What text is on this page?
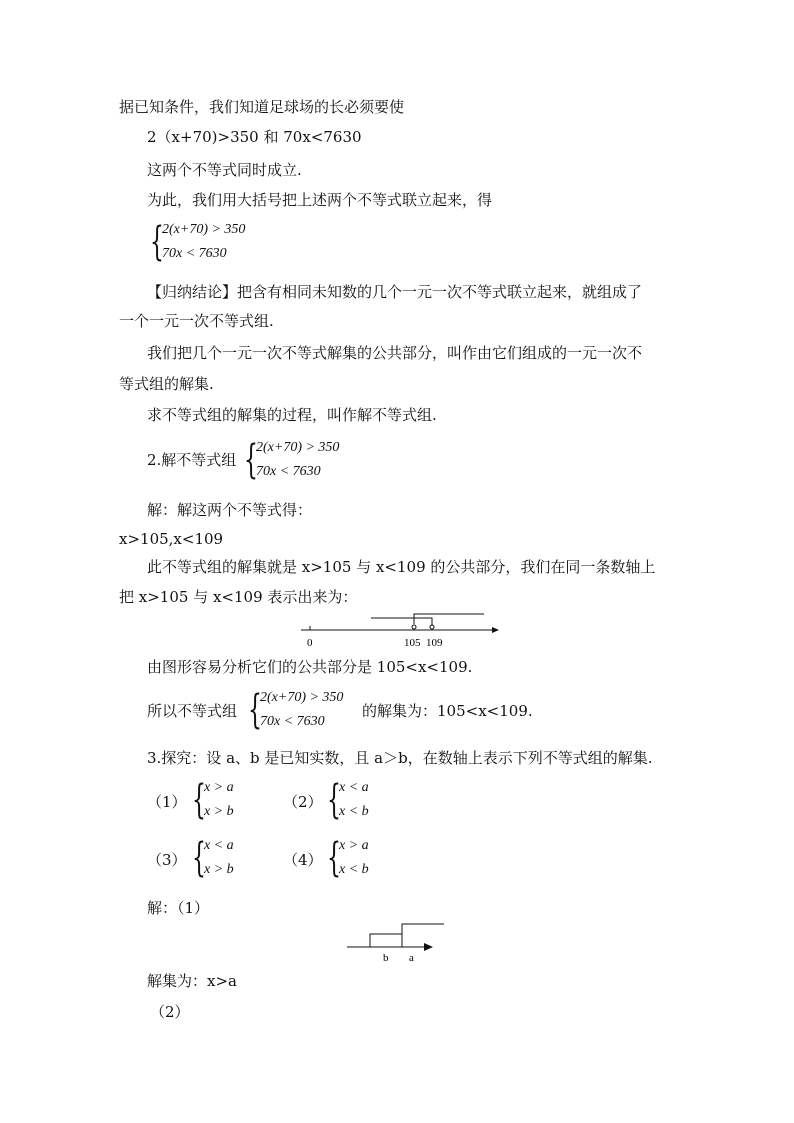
据已知条件，我们知道足球场的长必须要使
2（x+70)>350 和 70x<7630
这两个不等式同时成立.
为此，我们用大括号把上述两个不等式联立起来，得
{
2(x+70) > 350
70x < 7630
【归纳结论】把含有相同未知数的几个一元一次不等式联立起来，就组成了
一个一元一次不等式组.
我们把几个一元一次不等式解集的公共部分，叫作由它们组成的一元一次不
等式组的解集.
求不等式组的解集的过程，叫作解不等式组.
2.解不等式组 {
2(x+70) > 350
70x < 7630
解：解这两个不等式得：
x>105,x<109
此不等式组的解集就是 x>105 与 x<109 的公共部分，我们在同一条数轴上
把 x>105 与 x<109 表示出来为：
0	105 109
由图形容易分析它们的公共部分是 105<x<109.
所以不等式组 {
2(x+70) > 350
70x < 7630
的解集为：105<x<109.
3.探究：设 a、b 是已知实数，且 a＞b，在数轴上表示下列不等式组的解集.
（1） {
x > a
x > b
（2） {
x < a
x < b
（3） {
x < a
x > b
（4） {
x > a
x < b
解：（1）
b a
解集为：x>a
（2）
